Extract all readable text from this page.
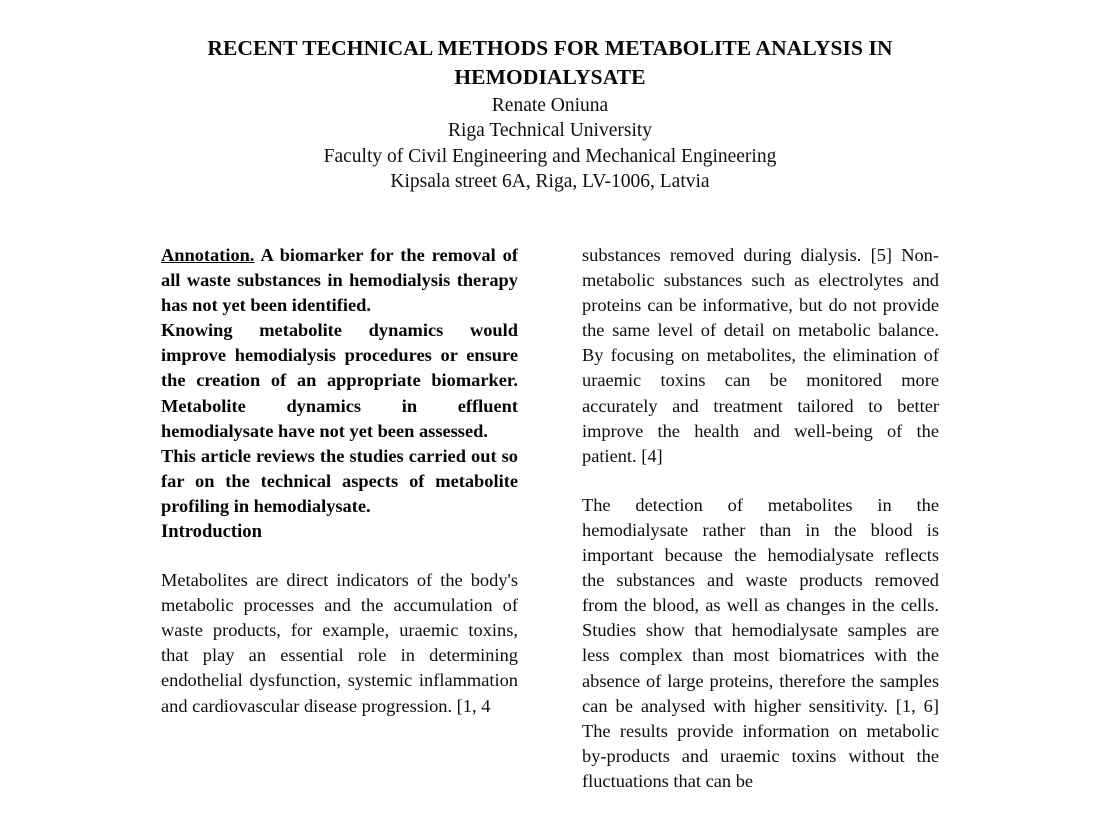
RECENT TECHNICAL METHODS FOR METABOLITE ANALYSIS IN HEMODIALYSATE

Renate Oniuna

Riga Technical University

Faculty of Civil Engineering and Mechanical Engineering

Kipsala street 6A, Riga, LV-1006, Latvia

Annotation. A biomarker for the removal of all waste substances in hemodialysis therapy has not yet been identified.

Knowing metabolite dynamics would improve hemodialysis procedures or ensure the creation of an appropriate biomarker. Metabolite dynamics in effluent hemodialysate have not yet been assessed.

This article reviews the studies carried out so far on the technical aspects of metabolite profiling in hemodialysate.

Introduction

Metabolites are direct indicators of the body's metabolic processes and the accumulation of waste products, for example, uraemic toxins, that play an essential role in determining endothelial dysfunction, systemic inflammation and cardiovascular disease progression. [1, 4

substances removed during dialysis. [5] Non-metabolic substances such as electrolytes and proteins can be informative, but do not provide the same level of detail on metabolic balance. By focusing on metabolites, the elimination of uraemic toxins can be monitored more accurately and treatment tailored to better improve the health and well-being of the patient. [4]

The detection of metabolites in the hemodialysate rather than in the blood is important because the hemodialysate reflects the substances and waste products removed from the blood, as well as changes in the cells. Studies show that hemodialysate samples are less complex than most biomatrices with the absence of large proteins, therefore the samples can be analysed with higher sensitivity. [1, 6] The results provide information on metabolic by-products and uraemic toxins without the fluctuations that can be
